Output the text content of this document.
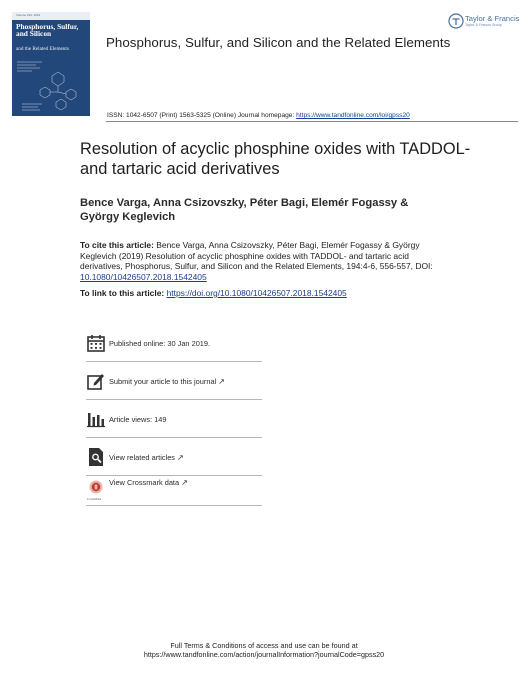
Volume 194, 2019
Phosphorus, Sulfur, and Silicon
and the Related Elements
Taylor & Francis
Taylor & Francis Group
Phosphorus, Sulfur, and Silicon and the Related Elements
ISSN: 1042-6507 (Print) 1563-5325 (Online) Journal homepage: https://www.tandfonline.com/loi/gpss20
Resolution of acyclic phosphine oxides with TADDOL- and tartaric acid derivatives
Bence Varga, Anna Csizovszky, Péter Bagi, Elemér Fogassy & György Keglevich
To cite this article: Bence Varga, Anna Csizovszky, Péter Bagi, Elemér Fogassy & György Keglevich (2019) Resolution of acyclic phosphine oxides with TADDOL- and tartaric acid derivatives, Phosphorus, Sulfur, and Silicon and the Related Elements, 194:4-6, 556-557, DOI: 10.1080/10426507.2018.1542405
To link to this article: https://doi.org/10.1080/10426507.2018.1542405
Published online: 30 Jan 2019.
Submit your article to this journal ↗
Article views: 149
View related articles ↗
CrossMark
View Crossmark data ↗
Full Terms & Conditions of access and use can be found at
https://www.tandfonline.com/action/journalInformation?journalCode=gpss20
